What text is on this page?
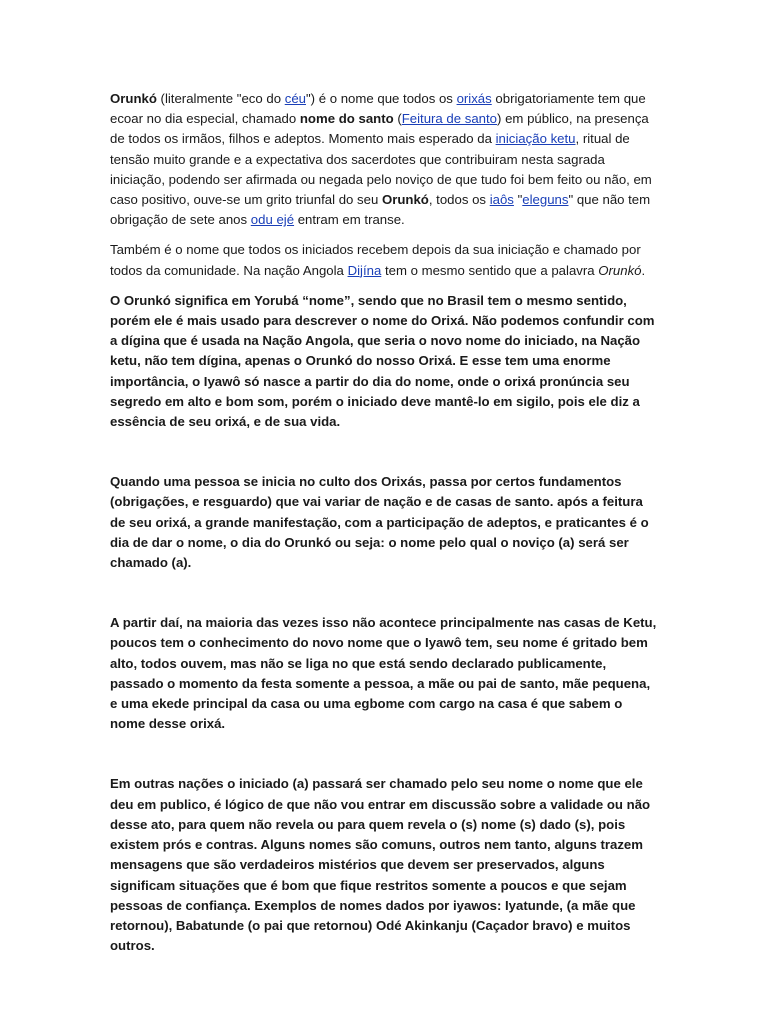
Orunkó (literalmente "eco do céu") é o nome que todos os orixás obrigatoriamente tem que ecoar no dia especial, chamado nome do santo (Feitura de santo) em público, na presença de todos os irmãos, filhos e adeptos. Momento mais esperado da iniciação ketu, ritual de tensão muito grande e a expectativa dos sacerdotes que contribuiram nesta sagrada iniciação, podendo ser afirmada ou negada pelo noviço de que tudo foi bem feito ou não, em caso positivo, ouve-se um grito triunfal do seu Orunkó, todos os iaôs "eleguns" que não tem obrigação de sete anos odu ejé entram em transe.

Também é o nome que todos os iniciados recebem depois da sua iniciação e chamado por todos da comunidade. Na nação Angola Dijína tem o mesmo sentido que a palavra Orunkó.

O Orunkó significa em Yorubá “nome”, sendo que no Brasil tem o mesmo sentido, porém ele é mais usado para descrever o nome do Orixá. Não podemos confundir com a dígina que é usada na Nação Angola, que seria o novo nome do iniciado, na Nação ketu, não tem dígina, apenas o Orunkó do nosso Orixá. E esse tem uma enorme importância, o Iyawô só nasce a partir do dia do nome, onde o orixá pronúncia seu segredo em alto e bom som, porém o iniciado deve mantê-lo em sigilo, pois ele diz a essência de seu orixá, e de sua vida.

Quando uma pessoa se inicia no culto dos Orixás, passa por certos fundamentos (obrigações, e resguardo) que vai variar de nação e de casas de santo. após a feitura de seu orixá, a grande manifestação, com a participação de adeptos, e praticantes é o dia de dar o nome, o dia do Orunkó ou seja: o nome pelo qual o noviço (a) será ser chamado (a).

A partir daí, na maioria das vezes isso não acontece principalmente nas casas de Ketu, poucos tem o conhecimento do novo nome que o Iyawô tem, seu nome é gritado bem alto, todos ouvem, mas não se liga no que está sendo declarado publicamente, passado o momento da festa somente a pessoa, a mãe ou pai de santo, mãe pequena, e uma ekede principal da casa ou uma egbome com cargo na casa é que sabem o nome desse orixá.

Em outras nações o iniciado (a) passará ser chamado pelo seu nome o nome que ele deu em publico, é lógico de que não vou entrar em discussão sobre a validade ou não desse ato, para quem não revela ou para quem revela o (s) nome (s) dado (s), pois existem prós e contras. Alguns nomes são comuns, outros nem tanto, alguns trazem mensagens que são verdadeiros mistérios que devem ser preservados, alguns significam situações que é bom que fique restritos somente a poucos e que sejam pessoas de confiança. Exemplos de nomes dados por iyawos: Iyatunde, (a mãe que retornou), Babatunde (o pai que retornou) Odé Akinkanju (Caçador bravo) e muitos outros.
